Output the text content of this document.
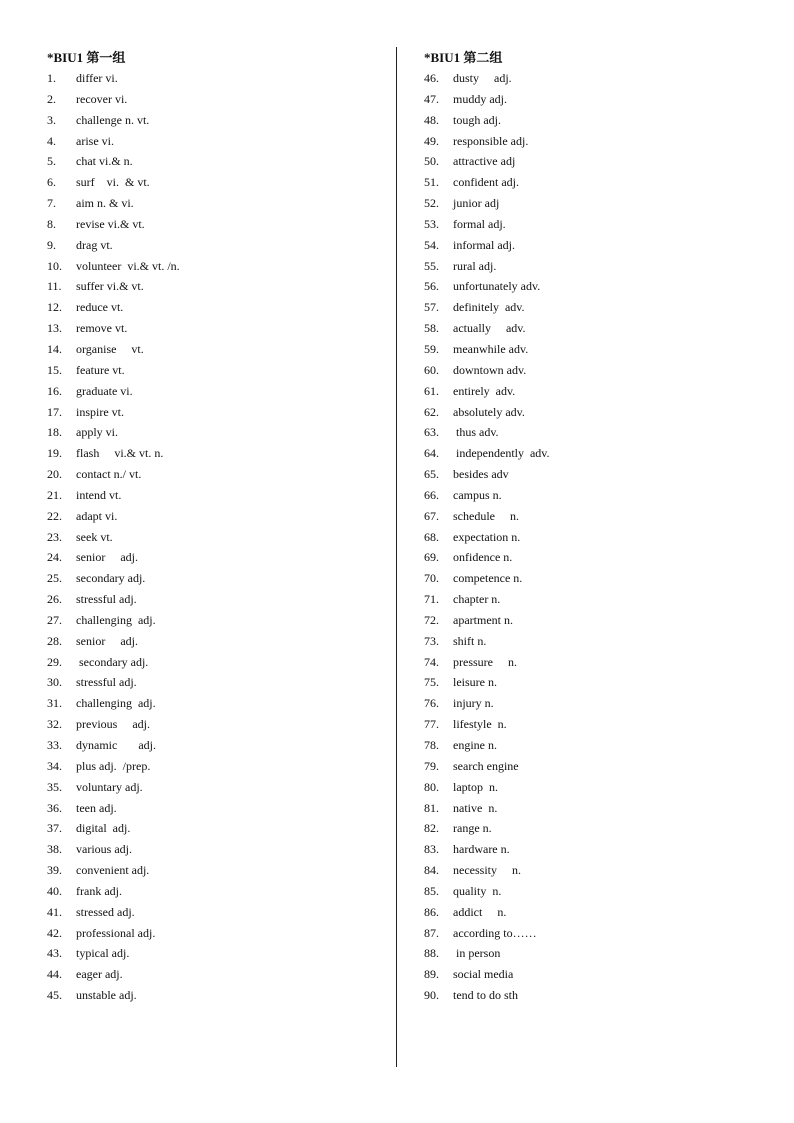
*BIU1 第一组
1. differ vi.
2. recover vi.
3. challenge n. vt.
4. arise vi.
5. chat vi.& n.
6. surf    vi.  & vt.
7. aim n. & vi.
8. revise vi.& vt.
9. drag vt.
10. volunteer  vi.& vt. /n.
11. suffer vi.& vt.
12. reduce vt.
13. remove vt.
14. organise     vt.
15. feature vt.
16. graduate vi.
17. inspire vt.
18. apply vi.
19. flash     vi.& vt. n.
20. contact n./ vt.
21. intend vt.
22. adapt vi.
23. seek vt.
24. senior     adj.
25. secondary adj.
26. stressful adj.
27. challenging  adj.
28. senior     adj.
29. secondary adj.
30. stressful adj.
31. challenging  adj.
32. previous     adj.
33. dynamic       adj.
34. plus adj.  /prep.
35. voluntary adj.
36. teen adj.
37. digital  adj.
38. various adj.
39. convenient adj.
40. frank adj.
41. stressed adj.
42. professional adj.
43. typical adj.
44. eager adj.
45. unstable adj.
*BIU1 第二组
46. dusty     adj.
47. muddy adj.
48. tough adj.
49. responsible adj.
50. attractive adj
51. confident adj.
52. junior adj
53. formal adj.
54. informal adj.
55. rural adj.
56. unfortunately adv.
57. definitely  adv.
58. actually     adv.
59. meanwhile adv.
60. downtown adv.
61. entirely  adv.
62. absolutely adv.
63. thus adv.
64. independently  adv.
65. besides adv
66. campus n.
67. schedule     n.
68. expectation n.
69. onfidence n.
70. competence n.
71. chapter n.
72. apartment n.
73. shift n.
74. pressure     n.
75. leisure n.
76. injury n.
77. lifestyle  n.
78. engine n.
79. search engine
80. laptop  n.
81. native  n.
82. range n.
83. hardware n.
84. necessity     n.
85. quality  n.
86. addict     n.
87. according to……
88. in person
89. social media
90. tend to do sth
